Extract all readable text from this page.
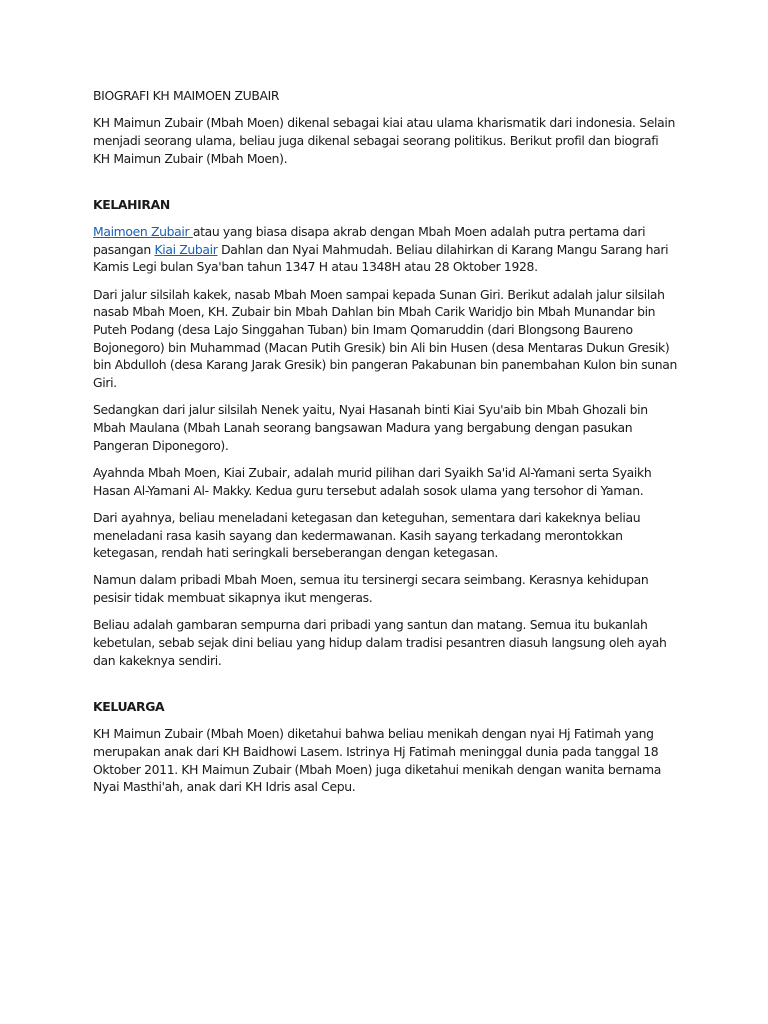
BIOGRAFI KH MAIMOEN ZUBAIR

KH Maimun Zubair (Mbah Moen) dikenal sebagai kiai atau ulama kharismatik dari indonesia. Selain menjadi seorang ulama, beliau juga dikenal sebagai seorang politikus. Berikut profil dan biografi KH Maimun Zubair (Mbah Moen).

KELAHIRAN

Maimoen Zubair atau yang biasa disapa akrab dengan Mbah Moen adalah putra pertama dari pasangan Kiai Zubair Dahlan dan Nyai Mahmudah. Beliau dilahirkan di Karang Mangu Sarang hari Kamis Legi bulan Sya'ban tahun 1347 H atau 1348H atau 28 Oktober 1928.

Dari jalur silsilah kakek, nasab Mbah Moen sampai kepada Sunan Giri. Berikut adalah jalur silsilah nasab Mbah Moen, KH. Zubair bin Mbah Dahlan bin Mbah Carik Waridjo bin Mbah Munandar bin Puteh Podang (desa Lajo Singgahan Tuban) bin Imam Qomaruddin (dari Blongsong Baureno Bojonegoro) bin Muhammad (Macan Putih Gresik) bin Ali bin Husen (desa Mentaras Dukun Gresik) bin Abdulloh (desa Karang Jarak Gresik) bin pangeran Pakabunan bin panembahan Kulon bin sunan Giri.

Sedangkan dari jalur silsilah Nenek yaitu, Nyai Hasanah binti Kiai Syu'aib bin Mbah Ghozali bin Mbah Maulana (Mbah Lanah seorang bangsawan Madura yang bergabung dengan pasukan Pangeran Diponegoro).

Ayahnda Mbah Moen, Kiai Zubair, adalah murid pilihan dari Syaikh Sa'id Al-Yamani serta Syaikh Hasan Al-Yamani Al- Makky. Kedua guru tersebut adalah sosok ulama yang tersohor di Yaman.

Dari ayahnya, beliau meneladani ketegasan dan keteguhan, sementara dari kakeknya beliau meneladani rasa kasih sayang dan kedermawanan. Kasih sayang terkadang merontokkan ketegasan, rendah hati seringkali berseberangan dengan ketegasan.

Namun dalam pribadi Mbah Moen, semua itu tersinergi secara seimbang. Kerasnya kehidupan pesisir tidak membuat sikapnya ikut mengeras.

Beliau adalah gambaran sempurna dari pribadi yang santun dan matang. Semua itu bukanlah kebetulan, sebab sejak dini beliau yang hidup dalam tradisi pesantren diasuh langsung oleh ayah dan kakeknya sendiri.

KELUARGA

KH Maimun Zubair (Mbah Moen) diketahui bahwa beliau menikah dengan nyai Hj Fatimah yang merupakan anak dari KH Baidhowi Lasem. Istrinya Hj Fatimah meninggal dunia pada tanggal 18 Oktober 2011. KH Maimun Zubair (Mbah Moen) juga diketahui menikah dengan wanita bernama Nyai Masthi'ah, anak dari KH Idris asal Cepu.
